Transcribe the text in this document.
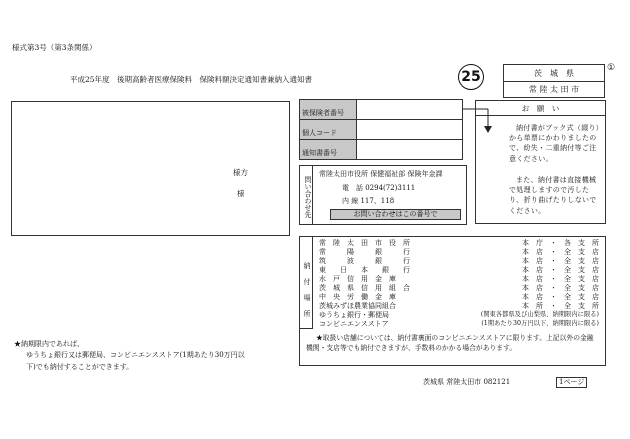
様式第3号（第3条関係）
平成25年度　後期高齢者医療保険料　保険料額決定通知書兼納入通知書	25	茨　城　県
常 陸 太 田 市
①
様方
様
被保険者番号	
個人コード	
通知書番号	
お　願　い
納付書がブック式（綴り）から単票にかわりましたので、紛失・二重納付等ご注意ください。
また、納付書は直接機械で処理しますので汚したり、折り曲げたりしないでください。
問い合わせ先
常陸太田市役所 保健福祉部 保険年金課
電　話 0294(72)3111
内 線 117、118
お問い合わせはこの番号で
納付場所
常　陸　太　田　市　役　所	本　庁　・　各　支　所
常　　　陽　　　銀　　　行	本　店　・　全　支　店
筑　　　波　　　銀　　　行	本　店　・　全　支　店
東　　日　　本　　銀　　行	本　店　・　全　支　店
水　戸　信　用　金　庫	本　店　・　全　支　店
茨　城　県　信　用　組　合	本　店　・　全　支　店
中　央　労　働　金　庫	本　店　・　全　支　店
茨城みずほ農業協同組合	本　所　・　全　支　所
ゆうちょ銀行・郵便局	(関東各都県及び山梨県、納期限内に限る)
コンビニエンスストア	(1期あたり30万円以下、納期限内に限る)
★取扱い店舗については、納付書裏面のコンビニエンスストアに限ります。上記以外の金融機関・支店等でも納付できますが、手数料のかかる場合があります。
★納期限内であれば、
ゆうちょ銀行又は郵便局、コンビニエンスストア(1期あたり30万円以
下)でも納付することができます。
茨城県 常陸太田市 082121	1ページ
